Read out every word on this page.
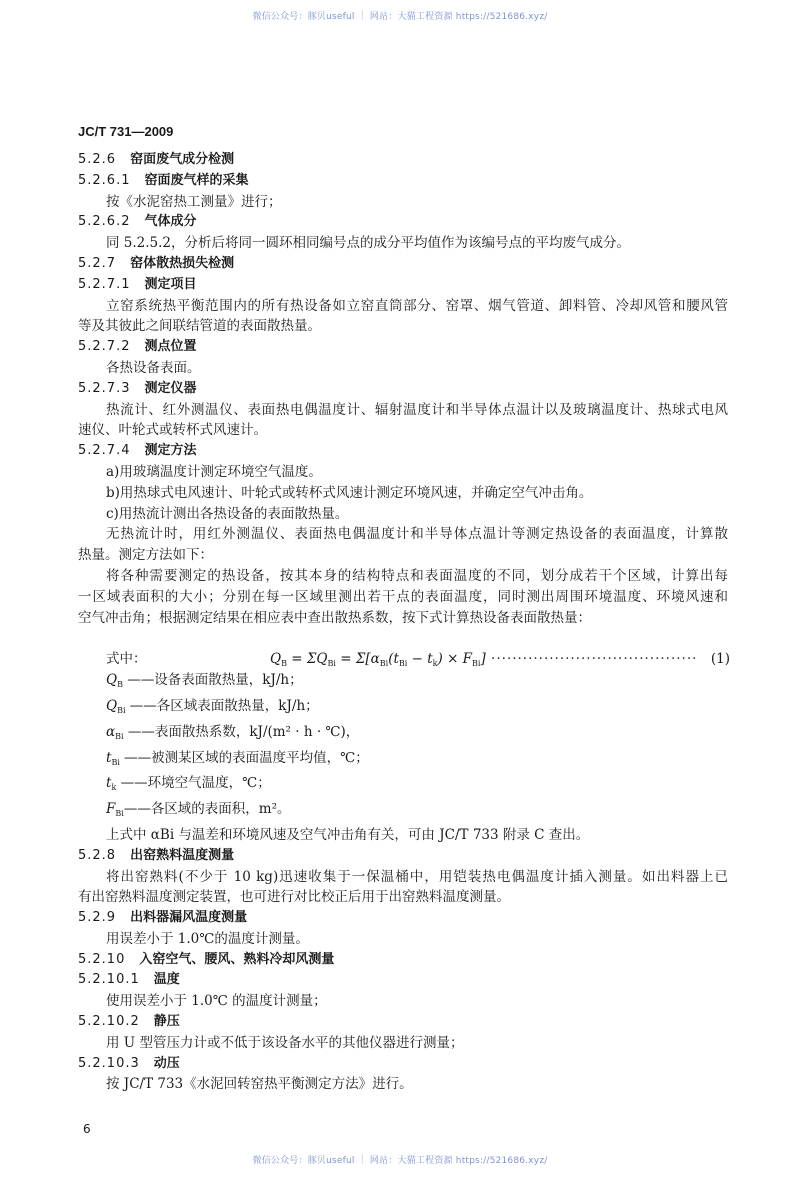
微信公众号：豚贝useful ｜ 网站：大猫工程资源 https://521686.xyz/
JC/T 731—2009
5.2.6 窑面废气成分检测
5.2.6.1 窑面废气样的采集
按《水泥窑热工测量》进行；
5.2.6.2 气体成分
同 5.2.5.2，分析后将同一圆环相同编号点的成分平均值作为该编号点的平均废气成分。
5.2.7 窑体散热损失检测
5.2.7.1 测定项目
立窑系统热平衡范围内的所有热设备如立窑直筒部分、窑罩、烟气管道、卸料管、冷却风管和腰风管
等及其彼此之间联结管道的表面散热量。
5.2.7.2 测点位置
各热设备表面。
5.2.7.3 测定仪器
热流计、红外测温仪、表面热电偶温度计、辐射温度计和半导体点温计以及玻璃温度计、热球式电风
速仪、叶轮式或转杯式风速计。
5.2.7.4 测定方法
a)用玻璃温度计测定环境空气温度。
b)用热球式电风速计、叶轮式或转杯式风速计测定环境风速，并确定空气冲击角。
c)用热流计测出各热设备的表面散热量。
无热流计时，用红外测温仪、表面热电偶温度计和半导体点温计等测定热设备的表面温度，计算散
热量。测定方法如下：
将各种需要测定的热设备，按其本身的结构特点和表面温度的不同，划分成若干个区域，计算出每
一区域表面积的大小；分别在每一区域里测出若干点的表面温度，同时测出周围环境温度、环境风速和
空气冲击角；根据测定结果在相应表中查出散热系数，按下式计算热设备表面散热量：
式中：
$Q_B$ ——设备表面散热量，kJ/h；
$Q_{Bi}$ ——各区域表面散热量，kJ/h；
$\alpha_{Bi}$ ——表面散热系数，kJ/(m² · h · ℃)，
$t_{Bi}$ ——被测某区域的表面温度平均值，℃；
$t_k$ ——环境空气温度，℃；
$F_{Bi}——$各区域的表面积，m²。
上式中 αBi 与温差和环境风速及空气冲击角有关，可由 JC/T 733 附录 C 查出。
5.2.8 出窑熟料温度测量
将出窑熟料(不少于 10 kg)迅速收集于一保温桶中，用铠装热电偶温度计插入测量。如出料器上已
有出窑熟料温度测定装置，也可进行对比校正后用于出窑熟料温度测量。
5.2.9 出料器漏风温度测量
用误差小于 1.0℃的温度计测量。
5.2.10 入窑空气、腰风、熟料冷却风测量
5.2.10.1 温度
使用误差小于 1.0℃ 的温度计测量；
5.2.10.2 静压
用 U 型管压力计或不低于该设备水平的其他仪器进行测量；
5.2.10.3 动压
按 JC/T 733《水泥回转窑热平衡测定方法》进行。
$Q_B = \Sigma Q_{Bi} = \Sigma[\alpha_{Bi}(t_{Bi} - t_k) \times F_{Bi}]$ ······································· (1)
6
微信公众号：豚贝useful ｜ 网站：大猫工程资源 https://521686.xyz/
